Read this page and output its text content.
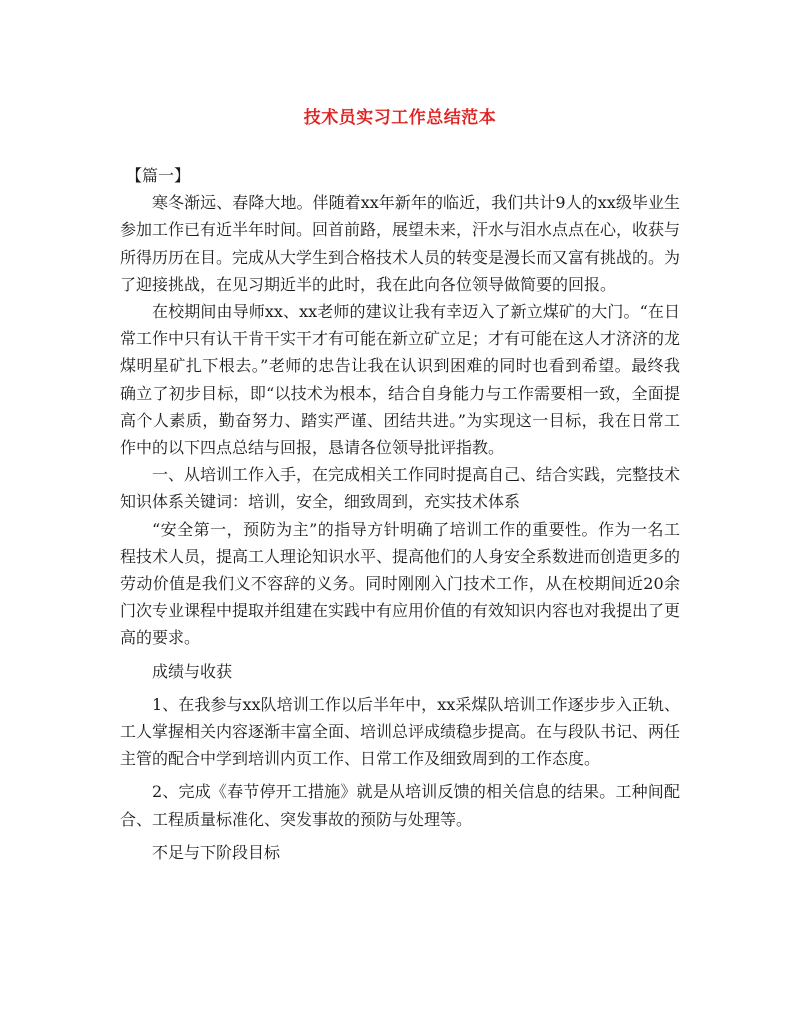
技术员实习工作总结范本

【篇一】

寒冬渐远、春降大地。伴随着xx年新年的临近，我们共计9人的xx级毕业生参加工作已有近半年时间。回首前路，展望未来，汗水与泪水点点在心，收获与所得历历在目。完成从大学生到合格技术人员的转变是漫长而又富有挑战的。为了迎接挑战，在见习期近半的此时，我在此向各位领导做简要的回报。

在校期间由导师xx、xx老师的建议让我有幸迈入了新立煤矿的大门。“在日常工作中只有认干肯干实干才有可能在新立矿立足；才有可能在这人才济济的龙煤明星矿扎下根去。”老师的忠告让我在认识到困难的同时也看到希望。最终我确立了初步目标，即“以技术为根本，结合自身能力与工作需要相一致，全面提高个人素质，勤奋努力、踏实严谨、团结共进。”为实现这一目标，我在日常工作中的以下四点总结与回报，恳请各位领导批评指教。

一、从培训工作入手，在完成相关工作同时提高自己、结合实践，完整技术知识体系关键词：培训，安全，细致周到，充实技术体系

“安全第一，预防为主”的指导方针明确了培训工作的重要性。作为一名工程技术人员，提高工人理论知识水平、提高他们的人身安全系数进而创造更多的劳动价值是我们义不容辞的义务。同时刚刚入门技术工作，从在校期间近20余门次专业课程中提取并组建在实践中有应用价值的有效知识内容也对我提出了更高的要求。

成绩与收获

1、在我参与xx队培训工作以后半年中，xx采煤队培训工作逐步步入正轨、工人掌握相关内容逐渐丰富全面、培训总评成绩稳步提高。在与段队书记、两任主管的配合中学到培训内页工作、日常工作及细致周到的工作态度。

2、完成《春节停开工措施》就是从培训反馈的相关信息的结果。工种间配合、工程质量标准化、突发事故的预防与处理等。

不足与下阶段目标
